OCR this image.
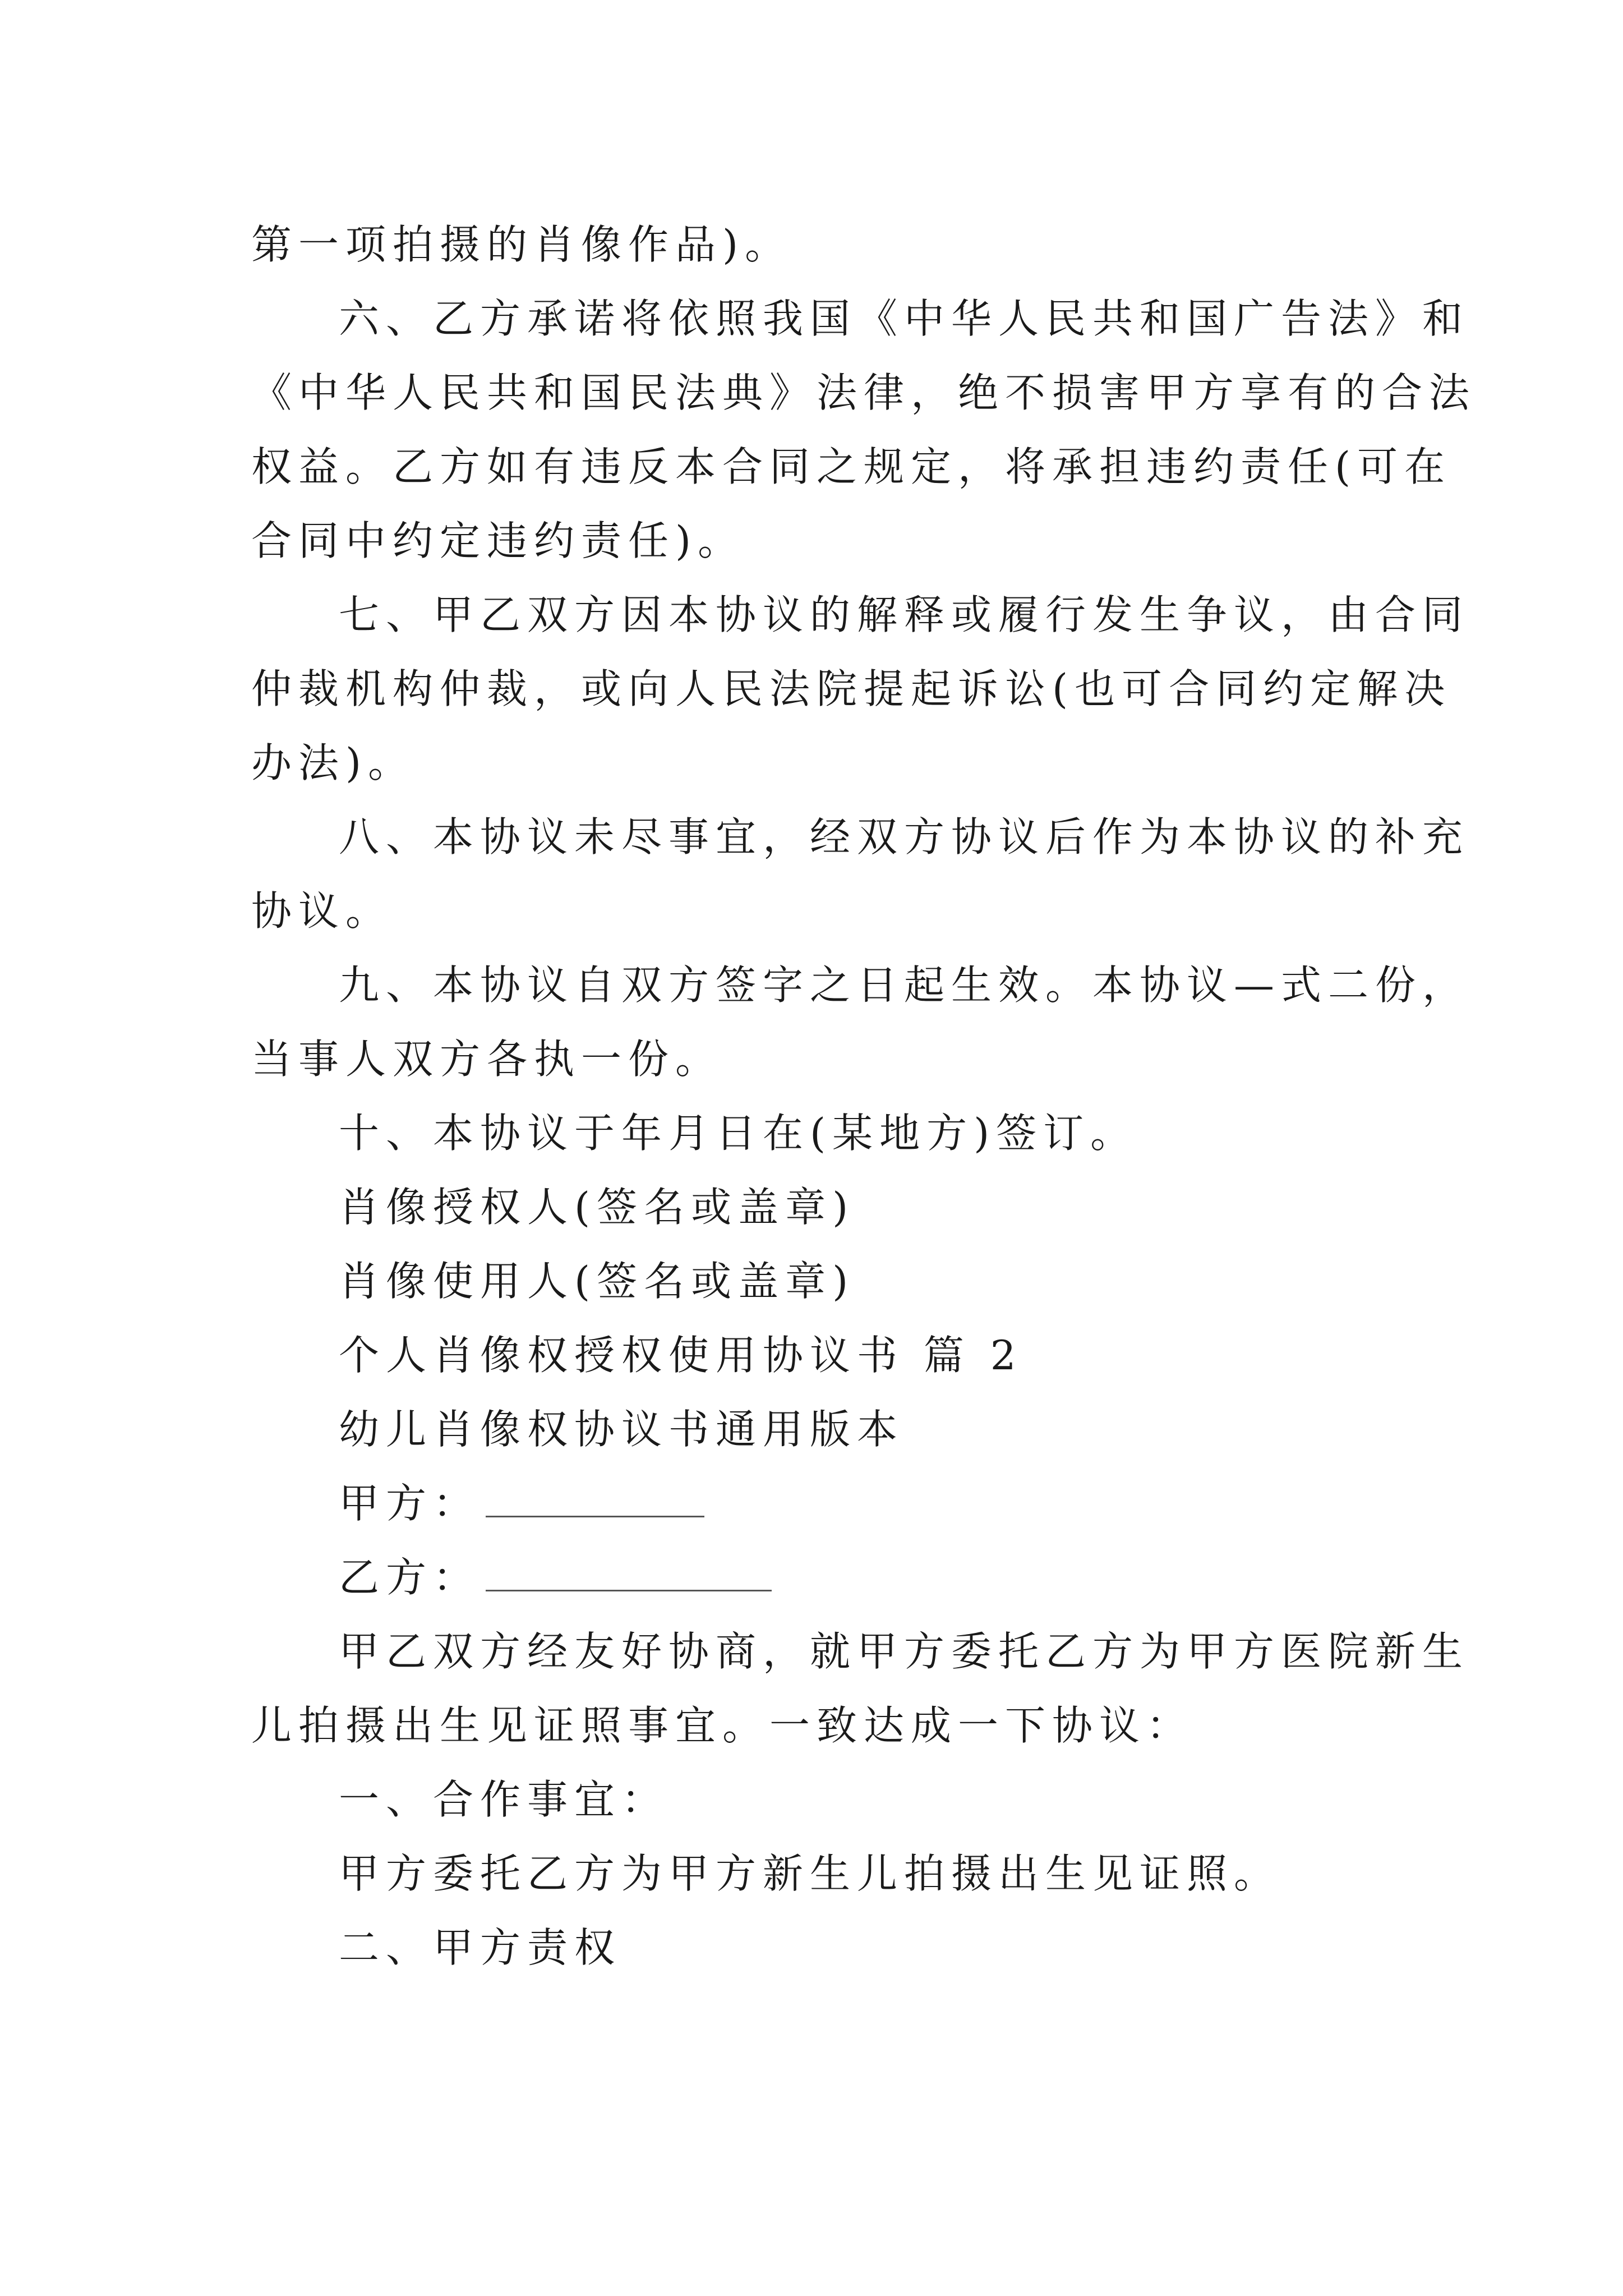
第一项拍摄的肖像作品)。
六、乙方承诺将依照我国《中华人民共和国广告法》和
《中华人民共和国民法典》法律，绝不损害甲方享有的合法
权益。乙方如有违反本合同之规定，将承担违约责任(可在
合同中约定违约责任)。
七、甲乙双方因本协议的解释或履行发生争议，由合同
仲裁机构仲裁，或向人民法院提起诉讼(也可合同约定解决
办法)。
八、本协议未尽事宜，经双方协议后作为本协议的补充
协议。
九、本协议自双方签字之日起生效。本协议—式二份，
当事人双方各执一份。
十、本协议于年月日在(某地方)签订。
肖像授权人(签名或盖章)
肖像使用人(签名或盖章)
个人肖像权授权使用协议书 篇 2
幼儿肖像权协议书通用版本
甲方：
乙方：
甲乙双方经友好协商，就甲方委托乙方为甲方医院新生
儿拍摄出生见证照事宜。一致达成一下协议：
一、合作事宜：
甲方委托乙方为甲方新生儿拍摄出生见证照。
二、甲方责权
